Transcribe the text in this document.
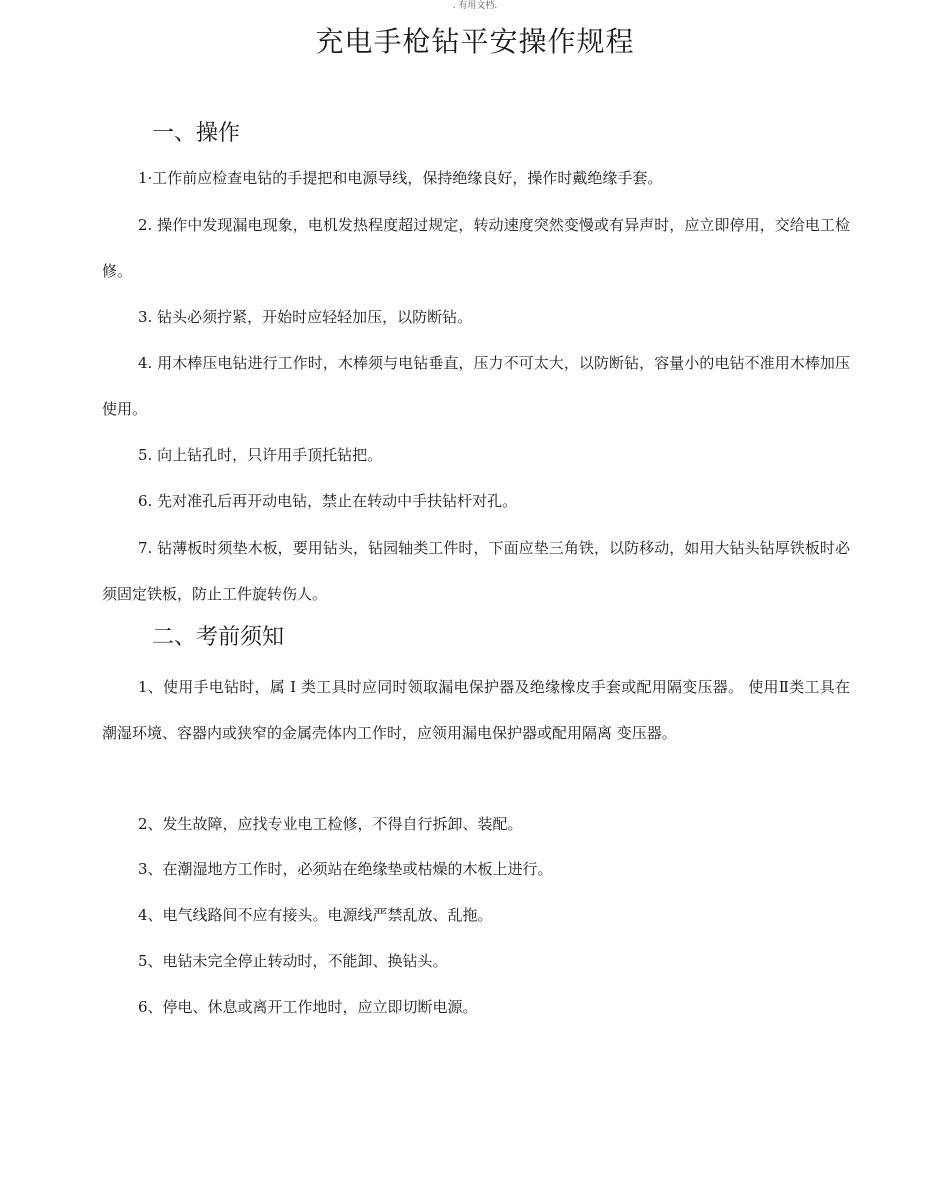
. 有用文档.
充电手枪钻平安操作规程
一、操作

1·工作前应检查电钻的手提把和电源导线，保持绝缘良好，操作时戴绝缘手套。

2. 操作中发现漏电现象，电机发热程度超过规定，转动速度突然变慢或有异声时，应立即停用，交给电工检修。

3. 钻头必须拧紧，开始时应轻轻加压，以防断钻。

4. 用木棒压电钻进行工作时，木棒须与电钻垂直，压力不可太大，以防断钻，容量小的电钻不准用木棒加压使用。

5. 向上钻孔时，只许用手顶托钻把。

6. 先对准孔后再开动电钻，禁止在转动中手扶钻杆对孔。

7. 钻薄板时须垫木板，要用钻头，钻园轴类工件时，下面应垫三角铁，以防移动，如用大钻头钻厚铁板时必须固定铁板，防止工件旋转伤人。

二、考前须知

1、使用手电钻时，属 I 类工具时应同时领取漏电保护器及绝缘橡皮手套或配用隔变压器。 使用Ⅱ类工具在潮湿环境、容器内或狭窄的金属壳体内工作时，应领用漏电保护器或配用隔离 变压器。

2、发生故障，应找专业电工检修，不得自行拆卸、装配。

3、在潮湿地方工作时，必须站在绝缘垫或枯燥的木板上进行。

4、电气线路间不应有接头。电源线严禁乱放、乱拖。

5、电钻未完全停止转动时，不能卸、换钻头。

6、停电、休息或离开工作地时，应立即切断电源。
